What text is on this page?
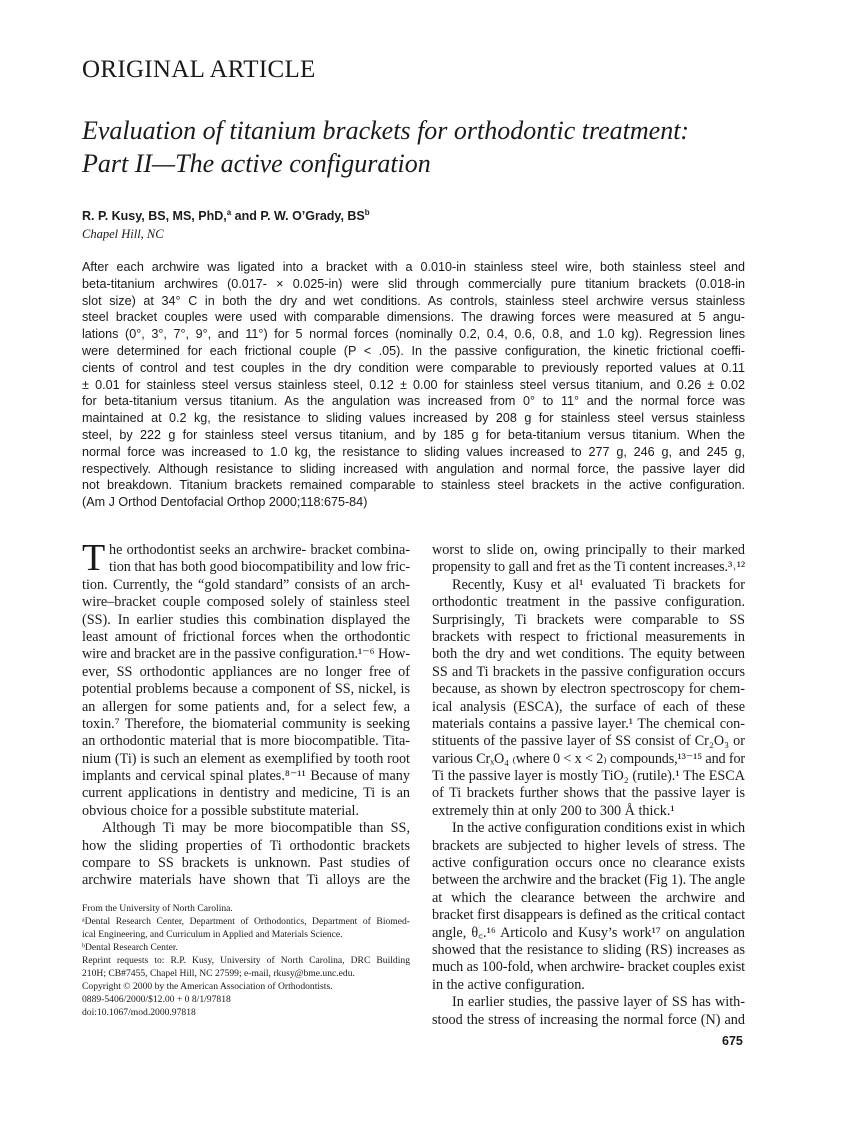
ORIGINAL ARTICLE
Evaluation of titanium brackets for orthodontic treatment:
Part II—The active configuration
R. P. Kusy, BS, MS, PhD,$^a$ and P. W. O’Grady, $BS^b$
Chapel Hill, NC
After each archwire was ligated into a bracket with a 0.010-in stainless steel wire, both stainless steel and
beta-titanium archwires (0.017- × 0.025-in) were slid through commercially pure titanium brackets (0.018-in
slot size) at 34° C in both the dry and wet conditions. As controls, stainless steel archwire versus stainless
steel bracket couples were used with comparable dimensions. The drawing forces were measured at 5 angu-
lations (0°, 3°, 7°, 9°, and 11°) for 5 normal forces (nominally 0.2, 0.4, 0.6, 0.8, and 1.0 kg). Regression lines
were determined for each frictional couple (P < .05). In the passive configuration, the kinetic frictional coeffi-
cients of control and test couples in the dry condition were comparable to previously reported values at 0.11
± 0.01 for stainless steel versus stainless steel, 0.12 ± 0.00 for stainless steel versus titanium, and 0.26 ± 0.02
for beta-titanium versus titanium. As the angulation was increased from 0° to 11° and the normal force was
maintained at 0.2 kg, the resistance to sliding values increased by 208 g for stainless steel versus stainless
steel, by 222 g for stainless steel versus titanium, and by 185 g for beta-titanium versus titanium. When the
normal force was increased to 1.0 kg, the resistance to sliding values increased to 277 g, 246 g, and 245 g,
respectively. Although resistance to sliding increased with angulation and normal force, the passive layer did
not breakdown. Titanium brackets remained comparable to stainless steel brackets in the active configuration.
(Am J Orthod Dentofacial Orthop 2000;118:675-84)
T he orthodontist seeks an archwire- bracket combina-
tion that has both good biocompatibility and low fric-
tion. Currently, the “gold standard” consists of an arch-
wire–bracket couple composed solely of stainless steel
(SS). In earlier studies this combination displayed the
least amount of frictional forces when the orthodontic
wire and bracket are in the passive configuration.¹⁻⁶ How-
ever, SS orthodontic appliances are no longer free of
potential problems because a component of SS, nickel, is
an allergen for some patients and, for a select few, a
toxin.⁷ Therefore, the biomaterial community is seeking
an orthodontic material that is more biocompatible. Tita-
nium (Ti) is such an element as exemplified by tooth root
implants and cervical spinal plates.⁸⁻¹¹ Because of many
current applications in dentistry and medicine, Ti is an
obvious choice for a possible substitute material.
Although Ti may be more biocompatible than SS,
how the sliding properties of Ti orthodontic brackets
compare to SS brackets is unknown. Past studies of
archwire materials have shown that Ti alloys are the
worst to slide on, owing principally to their marked
propensity to gall and fret as the Ti content increases.³˒¹²
Recently, Kusy et al¹ evaluated Ti brackets for
orthodontic treatment in the passive configuration.
Surprisingly, Ti brackets were comparable to SS
brackets with respect to frictional measurements in
both the dry and wet conditions. The equity between
SS and Ti brackets in the passive configuration occurs
because, as shown by electron spectroscopy for chem-
ical analysis (ESCA), the surface of each of these
materials contains a passive layer.¹ The chemical con-
stituents of the passive layer of SS consist of Cr₂O₃ or
various CrₓO₄ ₍where 0 < x < 2₎ compounds,¹³⁻¹⁵ and for
Ti the passive layer is mostly TiO₂ (rutile).¹ The ESCA
of Ti brackets further shows that the passive layer is
extremely thin at only 200 to 300 Å thick.¹
In the active configuration conditions exist in which
brackets are subjected to higher levels of stress. The
active configuration occurs once no clearance exists
between the archwire and the bracket (Fig 1). The angle
at which the clearance between the archwire and
bracket first disappears is defined as the critical contact
angle, θ꜀.¹⁶ Articolo and Kusy’s work¹⁷ on angulation
showed that the resistance to sliding (RS) increases as
much as 100-fold, when archwire- bracket couples exist
in the active configuration.
In earlier studies, the passive layer of SS has with-
stood the stress of increasing the normal force (N) and
From the University of North Carolina.
ᵃDental Research Center, Department of Orthodontics, Department of Biomed-
ical Engineering, and Curriculum in Applied and Materials Science.
ᵇDental Research Center.
Reprint requests to: R.P. Kusy, University of North Carolina, DRC Building
210H; CB#7455, Chapel Hill, NC 27599; e-mail, rkusy@bme.unc.edu.
Copyright © 2000 by the American Association of Orthodontists.
0889-5406/2000/$12.00 + 0 8/1/97818
doi:10.1067/mod.2000.97818
675
